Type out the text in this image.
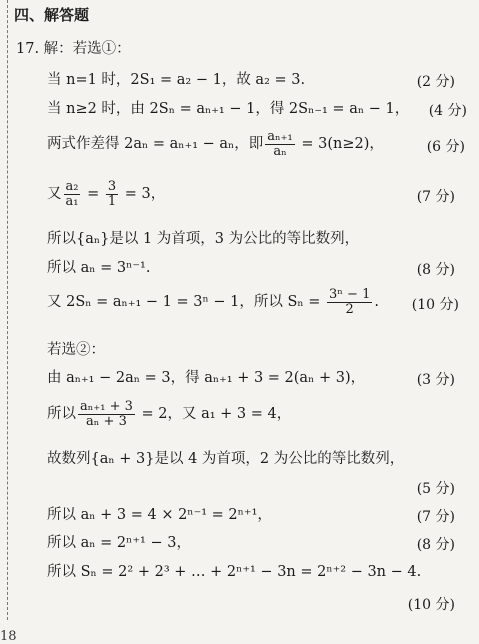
四、解答题
17. 解：若选①：
当 n=1 时，2S₁ = a₂ − 1，故 a₂ = 3.	(2 分)
当 n≥2 时，由 2Sₙ = aₙ₊₁ − 1，得 2Sₙ₋₁ = aₙ − 1， (4 分)
两式作差得 2aₙ = aₙ₊₁ − aₙ，即 $\frac{\text{aₙ₊₁}}{\text{aₙ}} = 3(n\ge 2)$，	(6 分)
又 $\frac{\text{a₂}}{\text{a₁}} = \frac{3}{1} = 3$，	(7 分)
所以{aₙ}是以 1 为首项，3 为公比的等比数列，
所以 aₙ = 3ⁿ⁻¹.	(8 分)
又 2Sₙ = aₙ₊₁ − 1 = 3ⁿ − 1，所以 $S_n = \frac{\text{3ⁿ − 1}}{2}$ . (10 分)
若选②：
由 aₙ₊₁ − 2aₙ = 3，得 aₙ₊₁ + 3 = 2(aₙ + 3)，	(3 分)
所以 $\frac{\text{aₙ₊₁ + 3}}{\text{aₙ + 3}} = 2$，又 a₁ + 3 = 4，
故数列{aₙ + 3}是以 4 为首项，2 为公比的等比数列，
(5 分)
所以 aₙ + 3 = 4 × 2ⁿ⁻¹ = 2ⁿ⁺¹，	(7 分)
所以 aₙ = 2ⁿ⁺¹ − 3，	(8 分)
所以 Sₙ = 2² + 2³ + … + 2ⁿ⁺¹ − 3n = 2ⁿ⁺² − 3n − 4.
(10 分)
18
